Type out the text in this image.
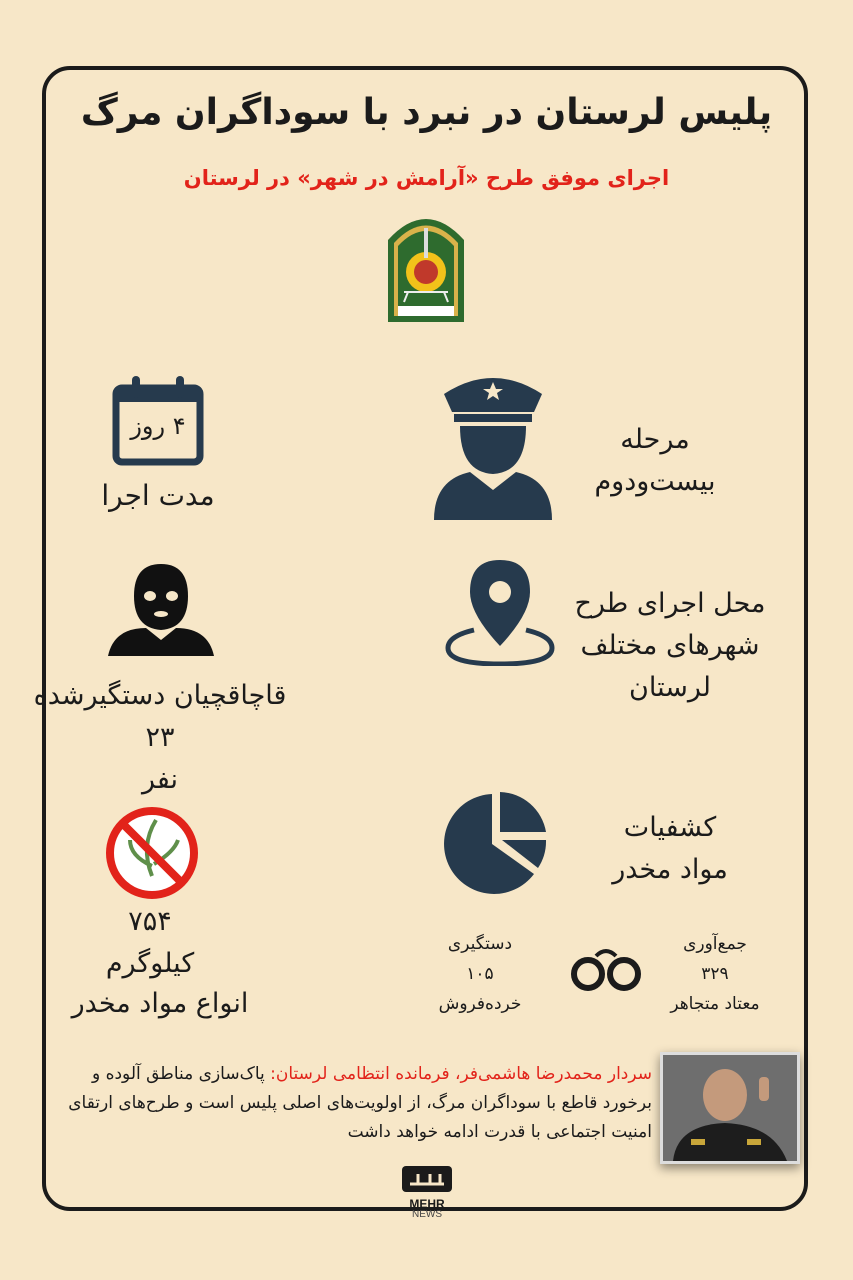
پلیس لرستان در نبرد با سوداگران مرگ
اجرای موفق طرح «آرامش در شهر» در لرستان
۴ روز
مدت اجرا
مرحله
بیست‌ودوم
محل اجرای طرح
شهرهای مختلف
لرستان
قاچاقچیان دستگیرشده
۲۳
نفر
کشفیات
مواد مخدر
۷۵۴
کیلوگرم
انواع مواد مخدر
دستگیری
۱۰۵
خرده‌فروش
جمع‌آوری
۳۲۹
معتاد متجاهر
سردار محمدرضا هاشمی‌فر، فرمانده انتظامی لرستان: پاک‌سازی مناطق آلوده و برخورد قاطع با سوداگران مرگ، از اولویت‌های اصلی پلیس است و طرح‌های ارتقای امنیت اجتماعی با قدرت ادامه خواهد داشت
MEHR
NEWS
